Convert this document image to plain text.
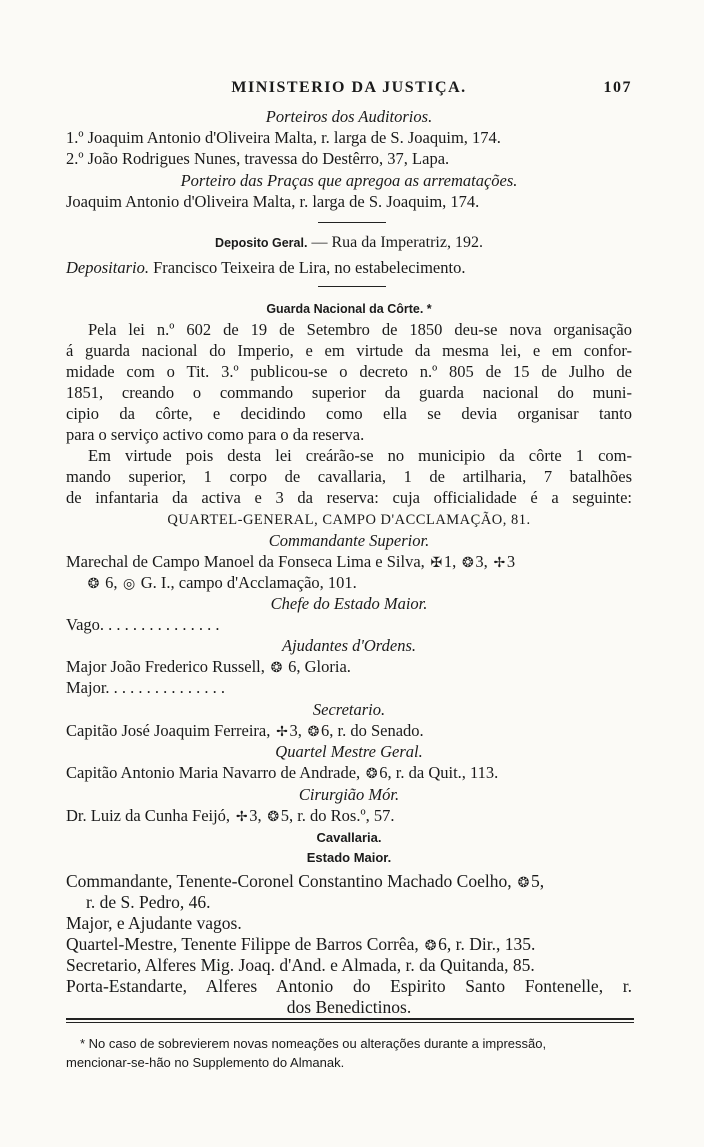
MINISTERIO DA JUSTIÇA.	107
Porteiros dos Auditorios.
1.º Joaquim Antonio d'Oliveira Malta, r. larga de S. Joaquim, 174.
2.º João Rodrigues Nunes, travessa do Destêrro, 37, Lapa.
Porteiro das Praças que apregoa as arrematações.
Joaquim Antonio d'Oliveira Malta, r. larga de S. Joaquim, 174.
Deposito Geral. — Rua da Imperatriz, 192.
Depositario. Francisco Teixeira de Lira, no estabelecimento.
Guarda Nacional da Côrte. *
Pela lei n.º 602 de 19 de Setembro de 1850 deu-se nova organisação
á guarda nacional do Imperio, e em virtude da mesma lei, e em confor-
midade com o Tit. 3.º publicou-se o decreto n.º 805 de 15 de Julho de
1851, creando o commando superior da guarda nacional do muni-
cipio da côrte, e decidindo como ella se devia organisar tanto
para o serviço activo como para o da reserva.
Em virtude pois desta lei creárão-se no municipio da côrte 1 com-
mando superior, 1 corpo de cavallaria, 1 de artilharia, 7 batalhões
de infantaria da activa e 3 da reserva: cuja officialidade é a seguinte:
QUARTEL-GENERAL, CAMPO D'ACCLAMAÇÃO, 81.
Commandante Superior.
Marechal de Campo Manoel da Fonseca Lima e Silva, ✠1, ❂3, ✢3
❂ 6, ◎ G. I., campo d'Acclamação, 101.
Chefe do Estado Maior.
Vago. . . . . . . . . . . . . . .
Ajudantes d'Ordens.
Major João Frederico Russell, ❂ 6, Gloria.
Major. . . . . . . . . . . . . . .
Secretario.
Capitão José Joaquim Ferreira, ✢3, ❂6, r. do Senado.
Quartel Mestre Geral.
Capitão Antonio Maria Navarro de Andrade, ❂6, r. da Quit., 113.
Cirurgião Mór.
Dr. Luiz da Cunha Feijó, ✢3, ❂5, r. do Ros.º, 57.
Cavallaria.
Estado Maior.
Commandante, Tenente-Coronel Constantino Machado Coelho, ❂5,
r. de S. Pedro, 46.
Major, e Ajudante vagos.
Quartel-Mestre, Tenente Filippe de Barros Corrêa, ❂6, r. Dir., 135.
Secretario, Alferes Mig. Joaq. d'And. e Almada, r. da Quitanda, 85.
Porta-Estandarte, Alferes Antonio do Espirito Santo Fontenelle, r.
dos Benedictinos.
* No caso de sobrevierem novas nomeações ou alterações durante a impressão,
mencionar-se-hão no Supplemento do Almanak.
